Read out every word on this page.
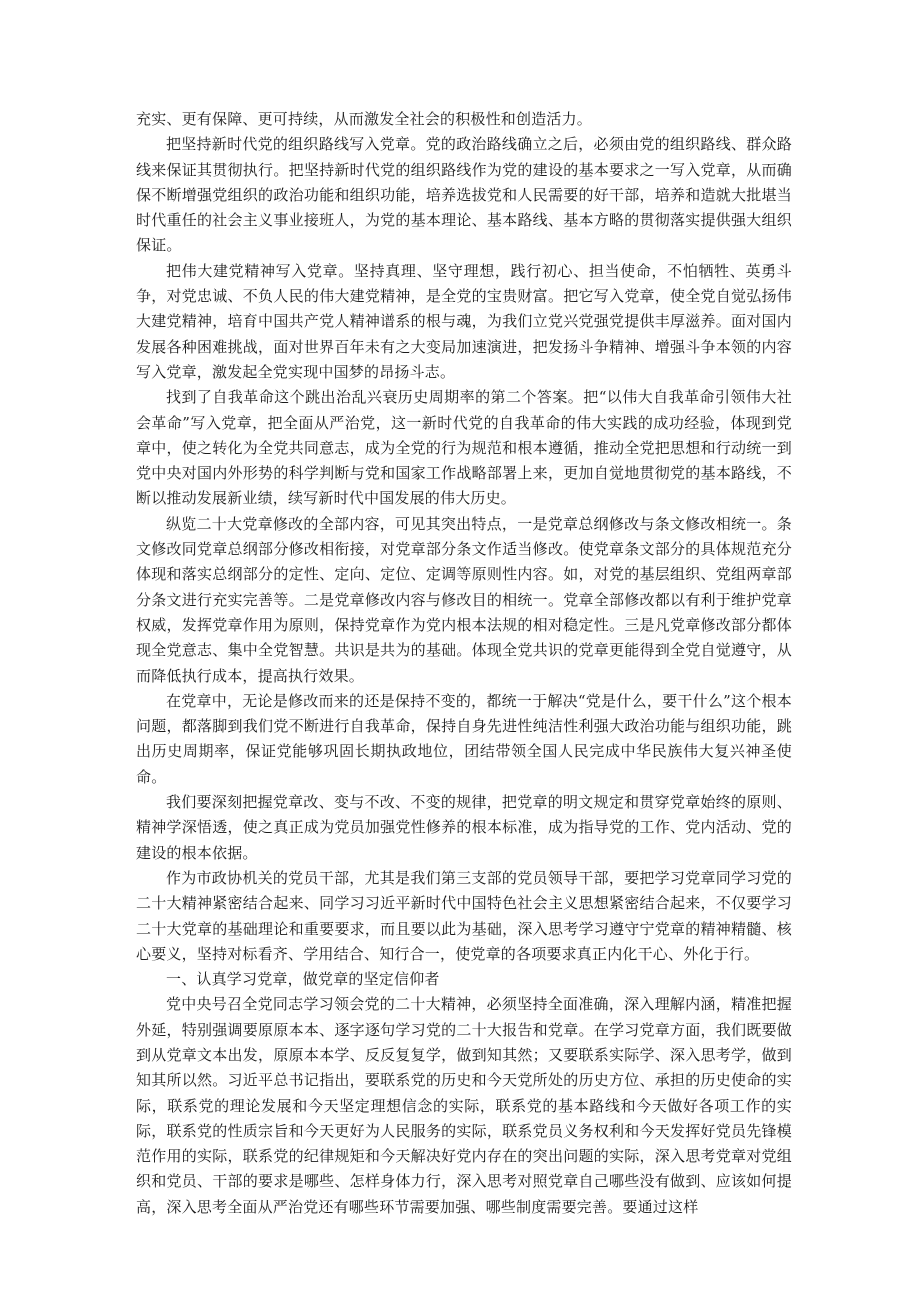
充实、更有保障、更可持续，从而激发全社会的积极性和创造活力。

把坚持新时代党的组织路线写入党章。党的政治路线确立之后，必须由党的组织路线、群众路线来保证其贯彻执行。把坚持新时代党的组织路线作为党的建设的基本要求之一写入党章，从而确保不断增强党组织的政治功能和组织功能，培养选拔党和人民需要的好干部，培养和造就大批堪当时代重任的社会主义事业接班人，为党的基本理论、基本路线、基本方略的贯彻落实提供强大组织保证。

把伟大建党精神写入党章。坚持真理、坚守理想，践行初心、担当使命，不怕牺牲、英勇斗争，对党忠诚、不负人民的伟大建党精神，是全党的宝贵财富。把它写入党章，使全党自觉弘扬伟大建党精神，培育中国共产党人精神谱系的根与魂，为我们立党兴党强党提供丰厚滋养。面对国内发展各种困难挑战，面对世界百年未有之大变局加速演进，把发扬斗争精神、增强斗争本领的内容写入党章，激发起全党实现中国梦的昂扬斗志。

找到了自我革命这个跳出治乱兴衰历史周期率的第二个答案。把“以伟大自我革命引领伟大社会革命”写入党章，把全面从严治党，这一新时代党的自我革命的伟大实践的成功经验，体现到党章中，使之转化为全党共同意志，成为全党的行为规范和根本遵循，推动全党把思想和行动统一到党中央对国内外形势的科学判断与党和国家工作战略部署上来，更加自觉地贯彻党的基本路线，不断以推动发展新业绩，续写新时代中国发展的伟大历史。

纵览二十大党章修改的全部内容，可见其突出特点，一是党章总纲修改与条文修改相统一。条文修改同党章总纲部分修改相衔接，对党章部分条文作适当修改。使党章条文部分的具体规范充分体现和落实总纲部分的定性、定向、定位、定调等原则性内容。如，对党的基层组织、党组两章部分条文进行充实完善等。二是党章修改内容与修改目的相统一。党章全部修改都以有利于维护党章权威，发挥党章作用为原则，保持党章作为党内根本法规的相对稳定性。三是凡党章修改部分都体现全党意志、集中全党智慧。共识是共为的基础。体现全党共识的党章更能得到全党自觉遵守，从而降低执行成本，提高执行效果。

在党章中，无论是修改而来的还是保持不变的，都统一于解决“党是什么，要干什么”这个根本问题，都落脚到我们党不断进行自我革命，保持自身先进性纯洁性利强大政治功能与组织功能，跳出历史周期率，保证党能够巩固长期执政地位，团结带领全国人民完成中华民族伟大复兴神圣使命。

我们要深刻把握党章改、变与不改、不变的规律，把党章的明文规定和贯穿党章始终的原则、精神学深悟透，使之真正成为党员加强党性修养的根本标准，成为指导党的工作、党内活动、党的建设的根本依据。

作为市政协机关的党员干部，尤其是我们第三支部的党员领导干部，要把学习党章同学习党的二十大精神紧密结合起来、同学习习近平新时代中国特色社会主义思想紧密结合起来，不仅要学习二十大党章的基础理论和重要要求，而且要以此为基础，深入思考学习遵守宁党章的精神精髓、核心要义，坚持对标看齐、学用结合、知行合一，使党章的各项要求真正内化干心、外化于行。

一、认真学习党章，做党章的坚定信仰者

党中央号召全党同志学习领会党的二十大精神，必须坚持全面准确，深入理解内涵，精准把握外延，特别强调要原原本本、逐字逐句学习党的二十大报告和党章。在学习党章方面，我们既要做到从党章文本出发，原原本本学、反反复复学，做到知其然；又要联系实际学、深入思考学，做到知其所以然。习近平总书记指出，要联系党的历史和今天党所处的历史方位、承担的历史使命的实际，联系党的理论发展和今天坚定理想信念的实际，联系党的基本路线和今天做好各项工作的实际，联系党的性质宗旨和今天更好为人民服务的实际，联系党员义务权利和今天发挥好党员先锋模范作用的实际，联系党的纪律规矩和今天解决好党内存在的突出问题的实际，深入思考党章对党组织和党员、干部的要求是哪些、怎样身体力行，深入思考对照党章自己哪些没有做到、应该如何提高，深入思考全面从严治党还有哪些环节需要加强、哪些制度需要完善。要通过这样
